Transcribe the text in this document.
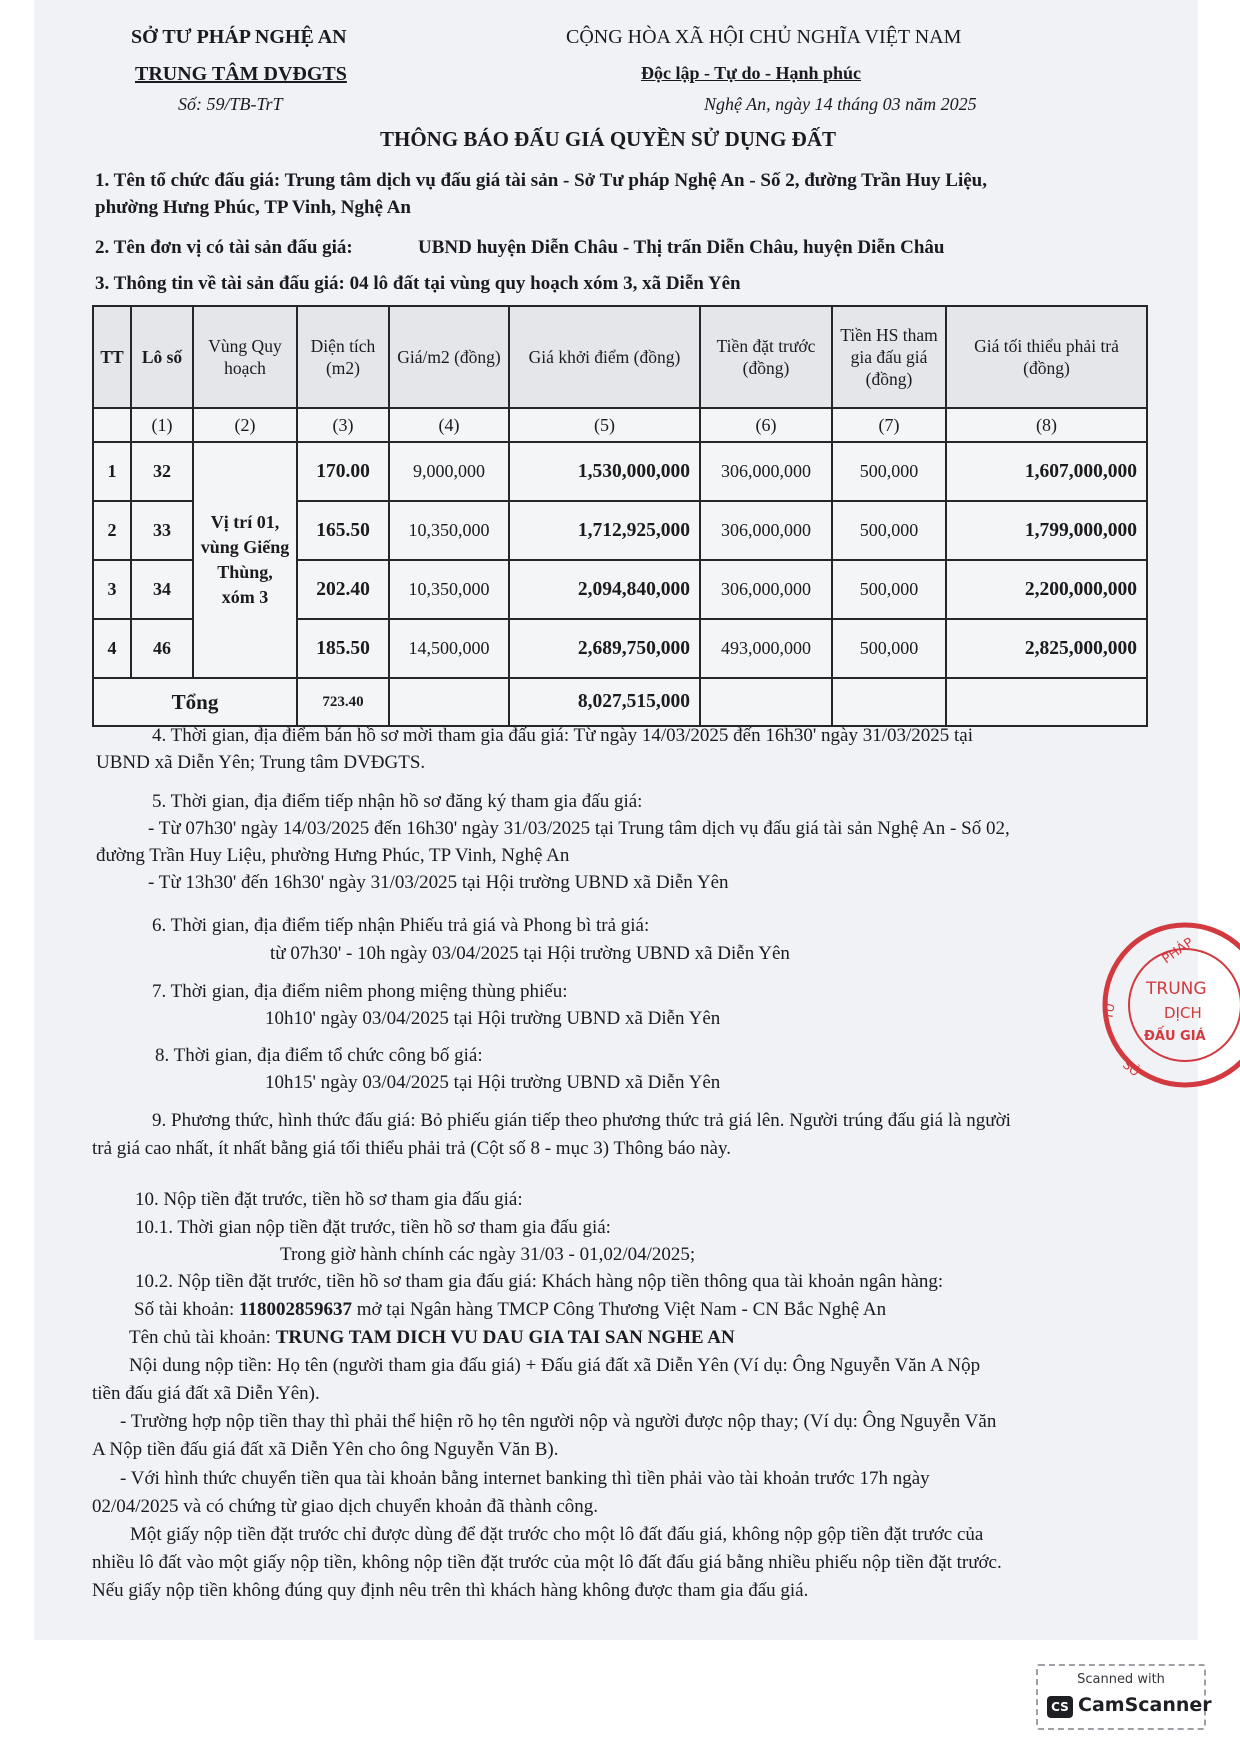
SỞ TƯ PHÁP NGHỆ AN
TRUNG TÂM DVĐGTS
Số: 59/TB-TrT
CỘNG HÒA XÃ HỘI CHỦ NGHĨA VIỆT NAM
Độc lập - Tự do - Hạnh phúc
Nghệ An, ngày 14 tháng 03 năm 2025
THÔNG BÁO ĐẤU GIÁ QUYỀN SỬ DỤNG ĐẤT
1. Tên tổ chức đấu giá: Trung tâm dịch vụ đấu giá tài sản - Sở Tư pháp Nghệ An - Số 2, đường Trần Huy Liệu,
phường Hưng Phúc, TP Vinh, Nghệ An
2. Tên đơn vị có tài sản đấu giá:	UBND huyện Diễn Châu - Thị trấn Diễn Châu, huyện Diễn Châu
3. Thông tin về tài sản đấu giá: 04 lô đất tại vùng quy hoạch xóm 3, xã Diễn Yên
TT	Lô số	Vùng Quy hoạch	Diện tích (m2)	Giá/m2 (đồng)	Giá khởi điểm (đồng)	Tiền đặt trước (đồng)	Tiền HS tham gia đấu giá (đồng)	Giá tối thiểu phải trả (đồng)
	(1)	(2)	(3)	(4)	(5)	(6)	(7)	(8)
1	32	Vị trí 01, vùng Giếng Thùng, xóm 3	170.00	9,000,000	1,530,000,000	306,000,000	500,000	1,607,000,000
2	33		165.50	10,350,000	1,712,925,000	306,000,000	500,000	1,799,000,000
3	34		202.40	10,350,000	2,094,840,000	306,000,000	500,000	2,200,000,000
4	46		185.50	14,500,000	2,689,750,000	493,000,000	500,000	2,825,000,000
Tổng			723.40		8,027,515,000			
4. Thời gian, địa điểm bán hồ sơ mời tham gia đấu giá: Từ ngày 14/03/2025 đến 16h30' ngày 31/03/2025 tại
UBND xã Diễn Yên; Trung tâm DVĐGTS.
5. Thời gian, địa điểm tiếp nhận hồ sơ đăng ký tham gia đấu giá:
- Từ 07h30' ngày 14/03/2025 đến 16h30' ngày 31/03/2025 tại Trung tâm dịch vụ đấu giá tài sản Nghệ An - Số 02,
đường Trần Huy Liệu, phường Hưng Phúc, TP Vinh, Nghệ An
- Từ 13h30' đến 16h30' ngày 31/03/2025 tại Hội trường UBND xã Diễn Yên
6. Thời gian, địa điểm tiếp nhận Phiếu trả giá và Phong bì trả giá:
từ 07h30' - 10h ngày 03/04/2025 tại Hội trường UBND xã Diễn Yên
7. Thời gian, địa điểm niêm phong miệng thùng phiếu:
10h10' ngày 03/04/2025 tại Hội trường UBND xã Diễn Yên
8. Thời gian, địa điểm tổ chức công bố giá:
10h15' ngày 03/04/2025 tại Hội trường UBND xã Diễn Yên
9. Phương thức, hình thức đấu giá: Bỏ phiếu gián tiếp theo phương thức trả giá lên. Người trúng đấu giá là người
trả giá cao nhất, ít nhất bằng giá tối thiểu phải trả (Cột số 8 - mục 3) Thông báo này.
10. Nộp tiền đặt trước, tiền hồ sơ tham gia đấu giá:
10.1. Thời gian nộp tiền đặt trước, tiền hồ sơ tham gia đấu giá:
Trong giờ hành chính các ngày 31/03 - 01,02/04/2025;
10.2. Nộp tiền đặt trước, tiền hồ sơ tham gia đấu giá: Khách hàng nộp tiền thông qua tài khoản ngân hàng:
Số tài khoản: 118002859637 mở tại Ngân hàng TMCP Công Thương Việt Nam - CN Bắc Nghệ An
Tên chủ tài khoản: TRUNG TAM DICH VU DAU GIA TAI SAN NGHE AN
Nội dung nộp tiền: Họ tên (người tham gia đấu giá) + Đấu giá đất xã Diễn Yên (Ví dụ: Ông Nguyễn Văn A Nộp
tiền đấu giá đất xã Diễn Yên).
- Trường hợp nộp tiền thay thì phải thể hiện rõ họ tên người nộp và người được nộp thay; (Ví dụ: Ông Nguyễn Văn
A Nộp tiền đấu giá đất xã Diễn Yên cho ông Nguyễn Văn B).
- Với hình thức chuyển tiền qua tài khoản bằng internet banking thì tiền phải vào tài khoản trước 17h ngày
02/04/2025 và có chứng từ giao dịch chuyển khoản đã thành công.
Một giấy nộp tiền đặt trước chỉ được dùng để đặt trước cho một lô đất đấu giá, không nộp gộp tiền đặt trước của
nhiều lô đất vào một giấy nộp tiền, không nộp tiền đặt trước của một lô đất đấu giá bằng nhiều phiếu nộp tiền đặt trước.
Nếu giấy nộp tiền không đúng quy định nêu trên thì khách hàng không được tham gia đấu giá.
PHÁP
TƯ
SỞ
TRUNG
DỊCH
ĐẤU GIÁ
Scanned with
CS CamScanner
